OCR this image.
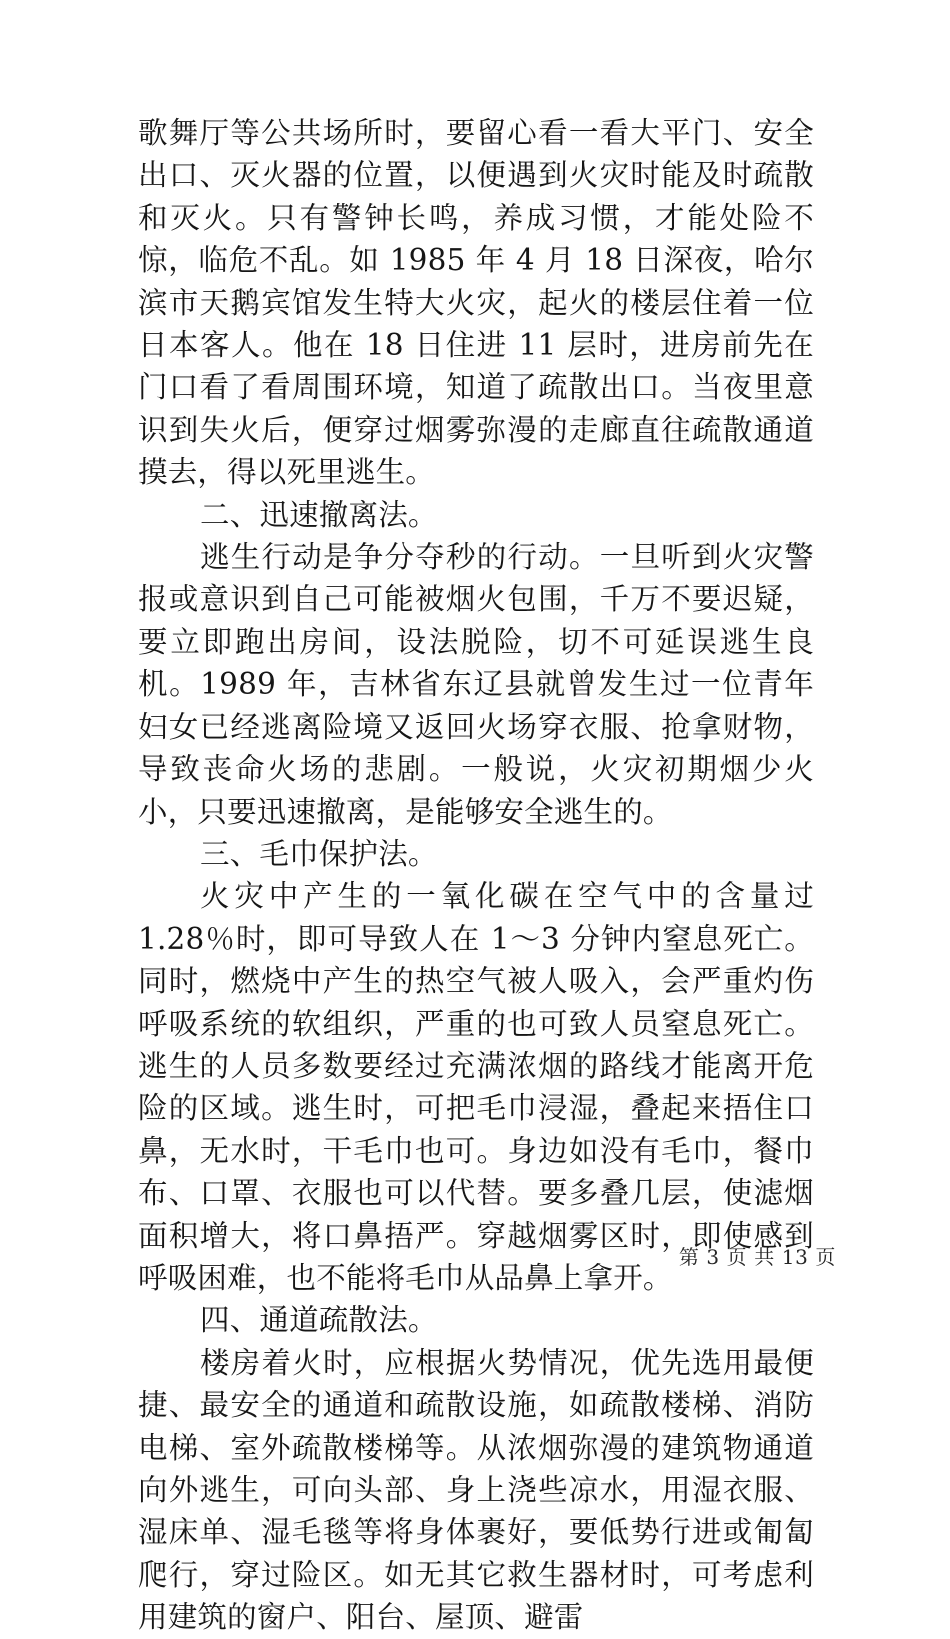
歌舞厅等公共场所时，要留心看一看大平门、安全出口、灭火器的位置，以便遇到火灾时能及时疏散和灭火。只有警钟长鸣，养成习惯，才能处险不惊，临危不乱。如 1985 年 4 月 18 日深夜，哈尔滨市天鹅宾馆发生特大火灾，起火的楼层住着一位日本客人。他在 18 日住进 11 层时，进房前先在门口看了看周围环境，知道了疏散出口。当夜里意识到失火后，便穿过烟雾弥漫的走廊直往疏散通道摸去，得以死里逃生。

二、迅速撤离法。

逃生行动是争分夺秒的行动。一旦听到火灾警报或意识到自己可能被烟火包围，千万不要迟疑，要立即跑出房间，设法脱险，切不可延误逃生良机。1989 年，吉林省东辽县就曾发生过一位青年妇女已经逃离险境又返回火场穿衣服、抢拿财物，导致丧命火场的悲剧。一般说，火灾初期烟少火小，只要迅速撤离，是能够安全逃生的。

三、毛巾保护法。

火灾中产生的一氧化碳在空气中的含量过 1.28％时，即可导致人在 1～3 分钟内窒息死亡。同时，燃烧中产生的热空气被人吸入，会严重灼伤呼吸系统的软组织，严重的也可致人员窒息死亡。逃生的人员多数要经过充满浓烟的路线才能离开危险的区域。逃生时，可把毛巾浸湿，叠起来捂住口鼻，无水时，干毛巾也可。身边如没有毛巾，餐巾布、口罩、衣服也可以代替。要多叠几层，使滤烟面积增大，将口鼻捂严。穿越烟雾区时，即使感到呼吸困难，也不能将毛巾从品鼻上拿开。

四、通道疏散法。

楼房着火时，应根据火势情况，优先选用最便捷、最安全的通道和疏散设施，如疏散楼梯、消防电梯、室外疏散楼梯等。从浓烟弥漫的建筑物通道向外逃生，可向头部、身上浇些凉水，用湿衣服、湿床单、湿毛毯等将身体裹好，要低势行进或匍匐爬行，穿过险区。如无其它救生器材时，可考虑利用建筑的窗户、阳台、屋顶、避雷

第 3 页 共 13 页
